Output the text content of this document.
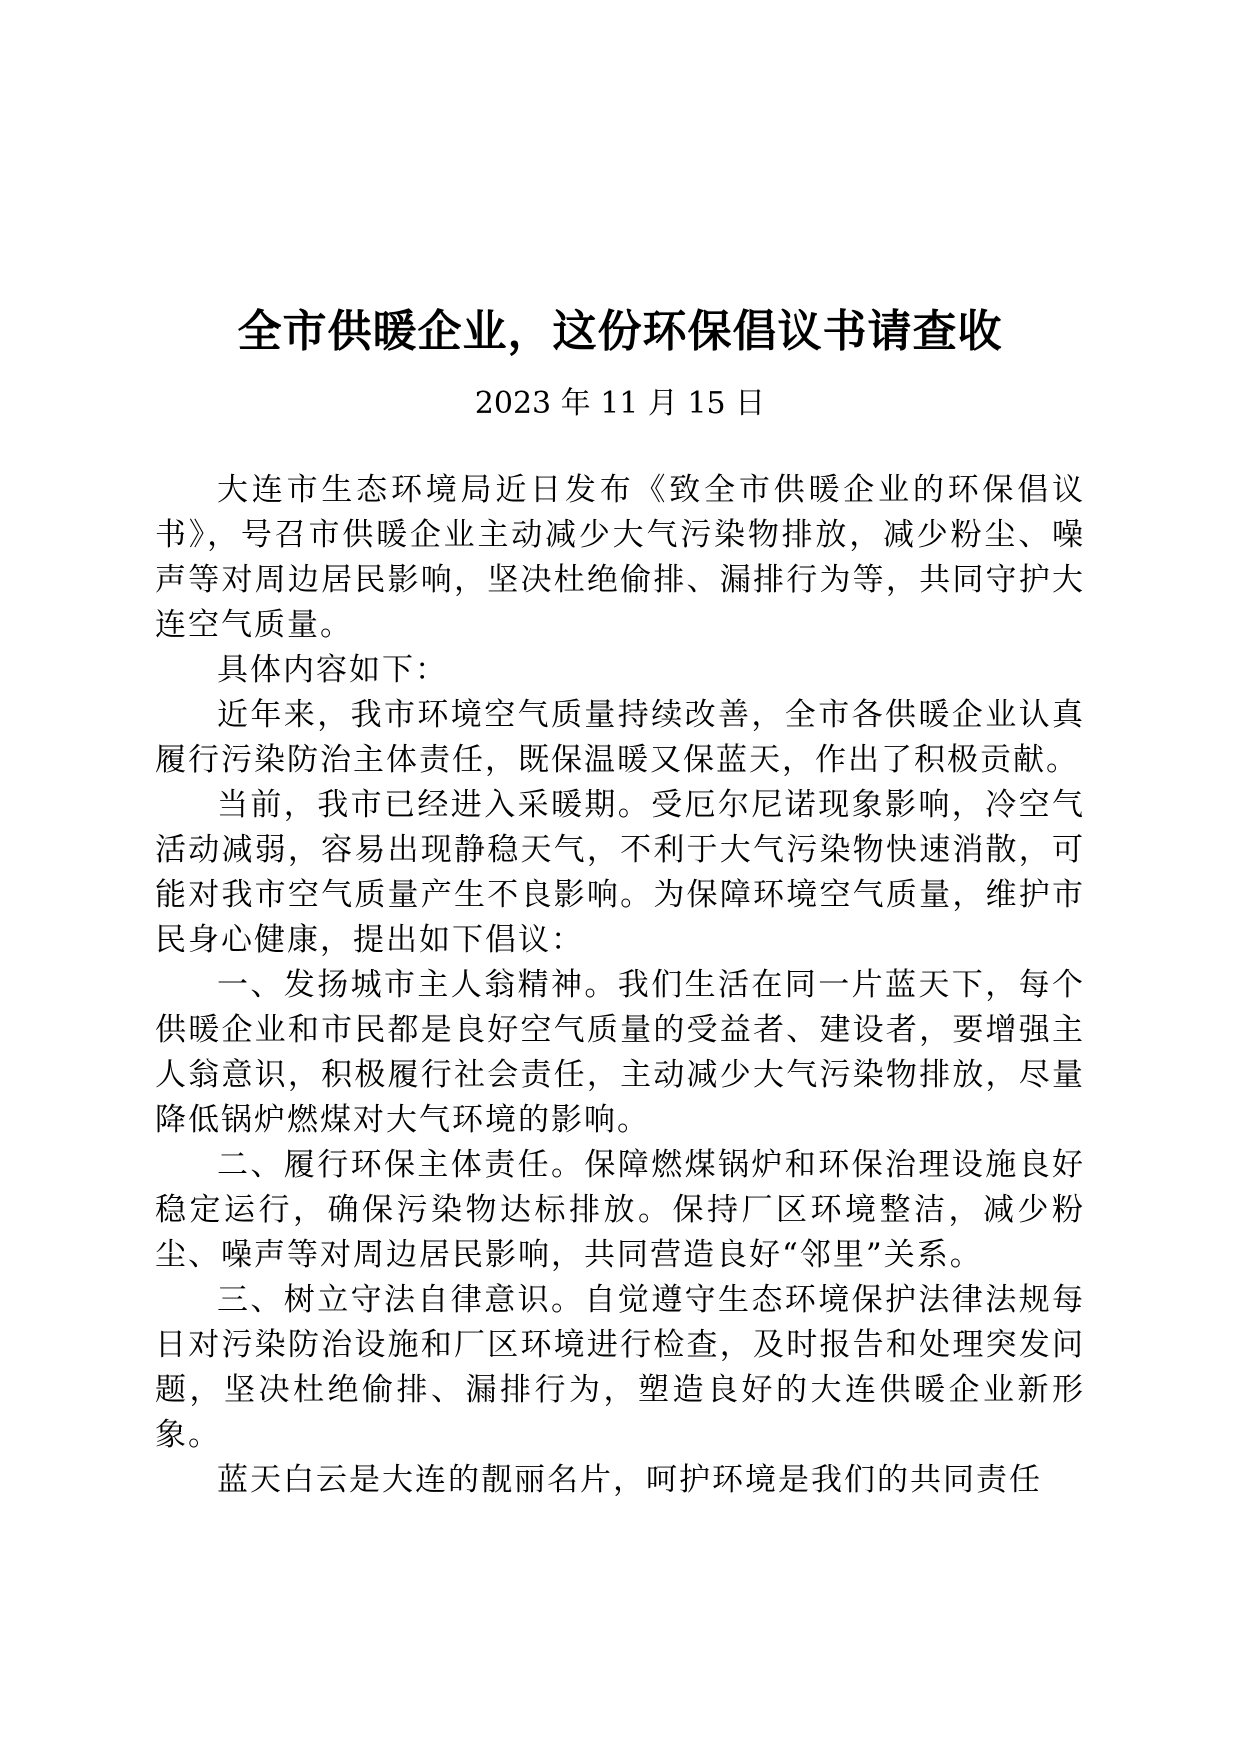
全市供暖企业，这份环保倡议书请查收
2023 年 11 月 15 日

大连市生态环境局近日发布《致全市供暖企业的环保倡议书》，号召市供暖企业主动减少大气污染物排放，减少粉尘、噪声等对周边居民影响，坚决杜绝偷排、漏排行为等，共同守护大连空气质量。

具体内容如下：

近年来，我市环境空气质量持续改善，全市各供暖企业认真履行污染防治主体责任，既保温暖又保蓝天，作出了积极贡献。

当前，我市已经进入采暖期。受厄尔尼诺现象影响，冷空气活动减弱，容易出现静稳天气，不利于大气污染物快速消散，可能对我市空气质量产生不良影响。为保障环境空气质量，维护市民身心健康，提出如下倡议：

一、发扬城市主人翁精神。我们生活在同一片蓝天下，每个供暖企业和市民都是良好空气质量的受益者、建设者，要增强主人翁意识，积极履行社会责任，主动减少大气污染物排放，尽量降低锅炉燃煤对大气环境的影响。

二、履行环保主体责任。保障燃煤锅炉和环保治理设施良好稳定运行，确保污染物达标排放。保持厂区环境整洁，减少粉尘、噪声等对周边居民影响，共同营造良好“邻里”关系。

三、树立守法自律意识。自觉遵守生态环境保护法律法规每日对污染防治设施和厂区环境进行检查，及时报告和处理突发问题，坚决杜绝偷排、漏排行为，塑造良好的大连供暖企业新形象。

蓝天白云是大连的靓丽名片，呵护环境是我们的共同责任
